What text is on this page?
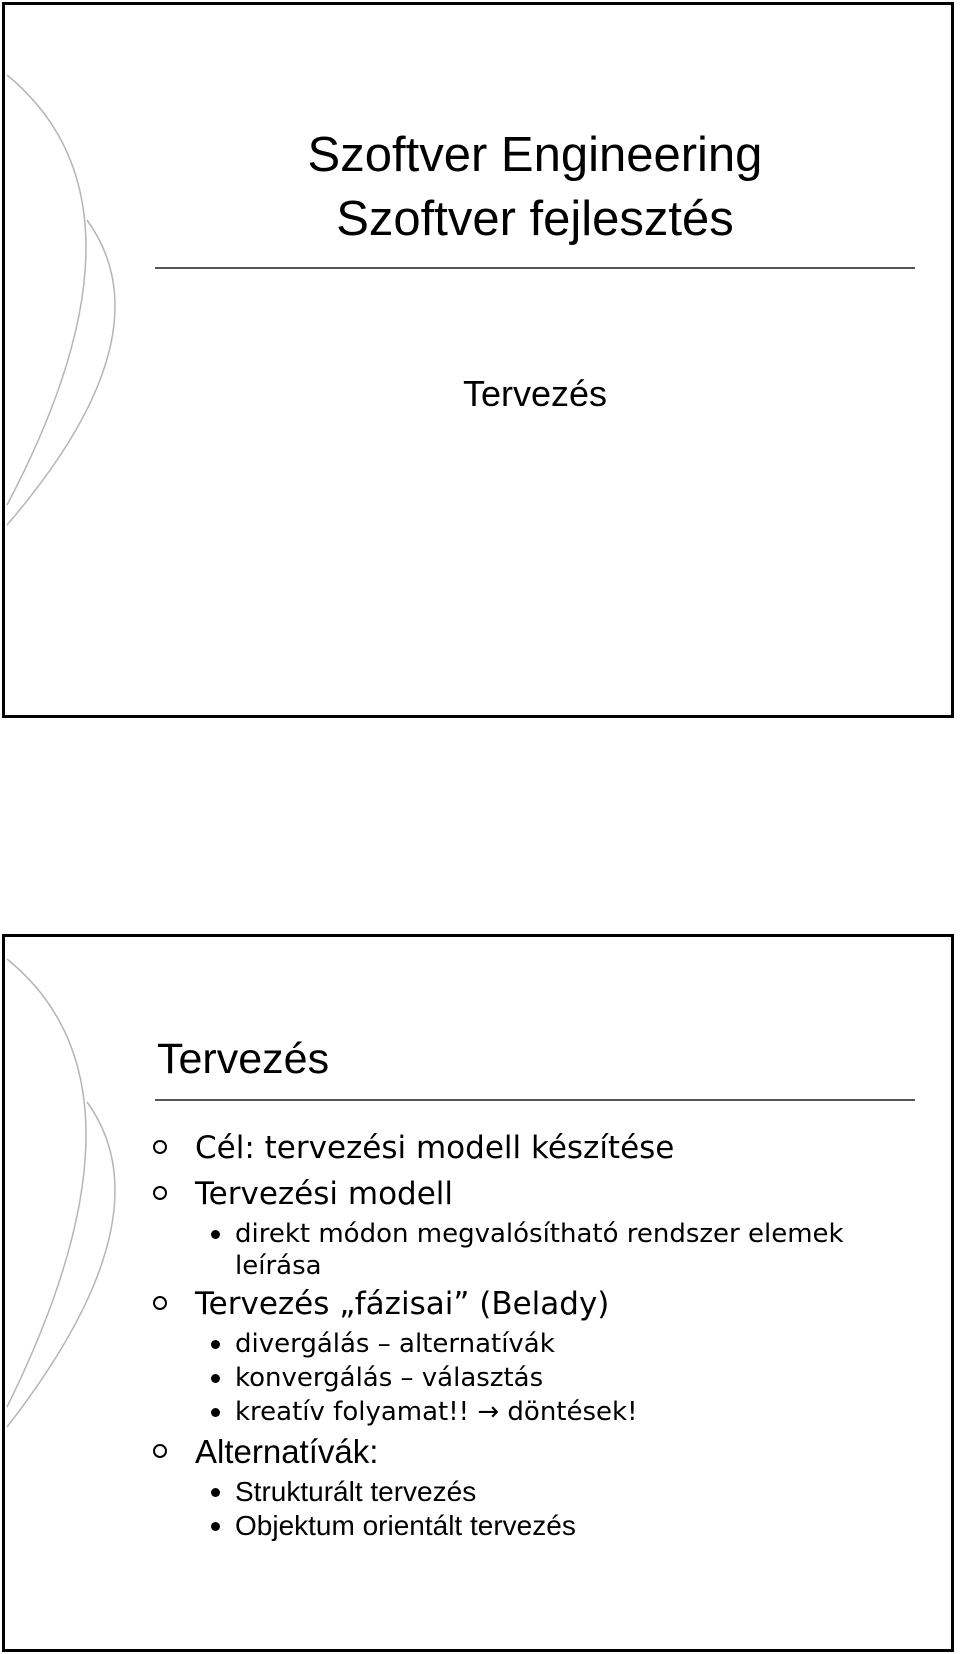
Szoftver Engineering
Szoftver fejlesztés
Tervezés
Tervezés
Cél: tervezési modell készítése
Tervezési modell
direkt módon megvalósítható rendszer elemek
leírása
Tervezés „fázisai” (Belady)
divergálás – alternatívák
konvergálás – választás
kreatív folyamat!! → döntések!
Alternatívák:
Strukturált tervezés
Objektum orientált tervezés
